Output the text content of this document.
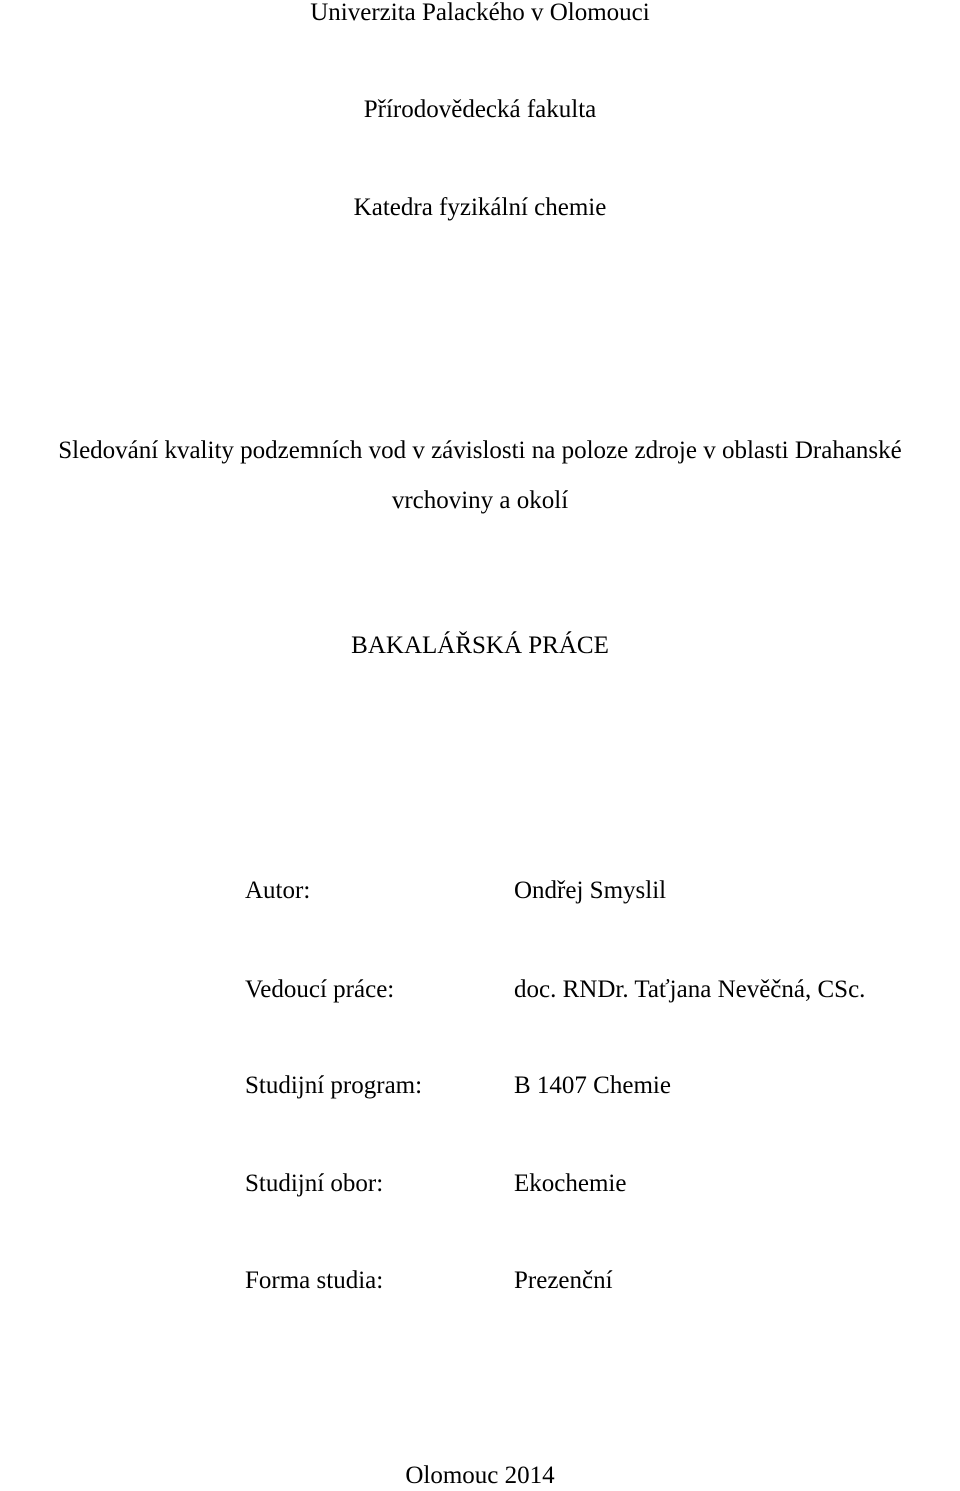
Univerzita Palackého v Olomouci
Přírodovědecká fakulta
Katedra fyzikální chemie
Sledování kvality podzemních vod v závislosti na poloze zdroje v oblasti Drahanské
vrchoviny a okolí
BAKALÁŘSKÁ PRÁCE
Autor:	Ondřej Smyslil
Vedoucí práce:	doc. RNDr. Taťjana Nevěčná, CSc.
Studijní program:	B 1407 Chemie
Studijní obor:	Ekochemie
Forma studia:	Prezenční
Olomouc 2014
